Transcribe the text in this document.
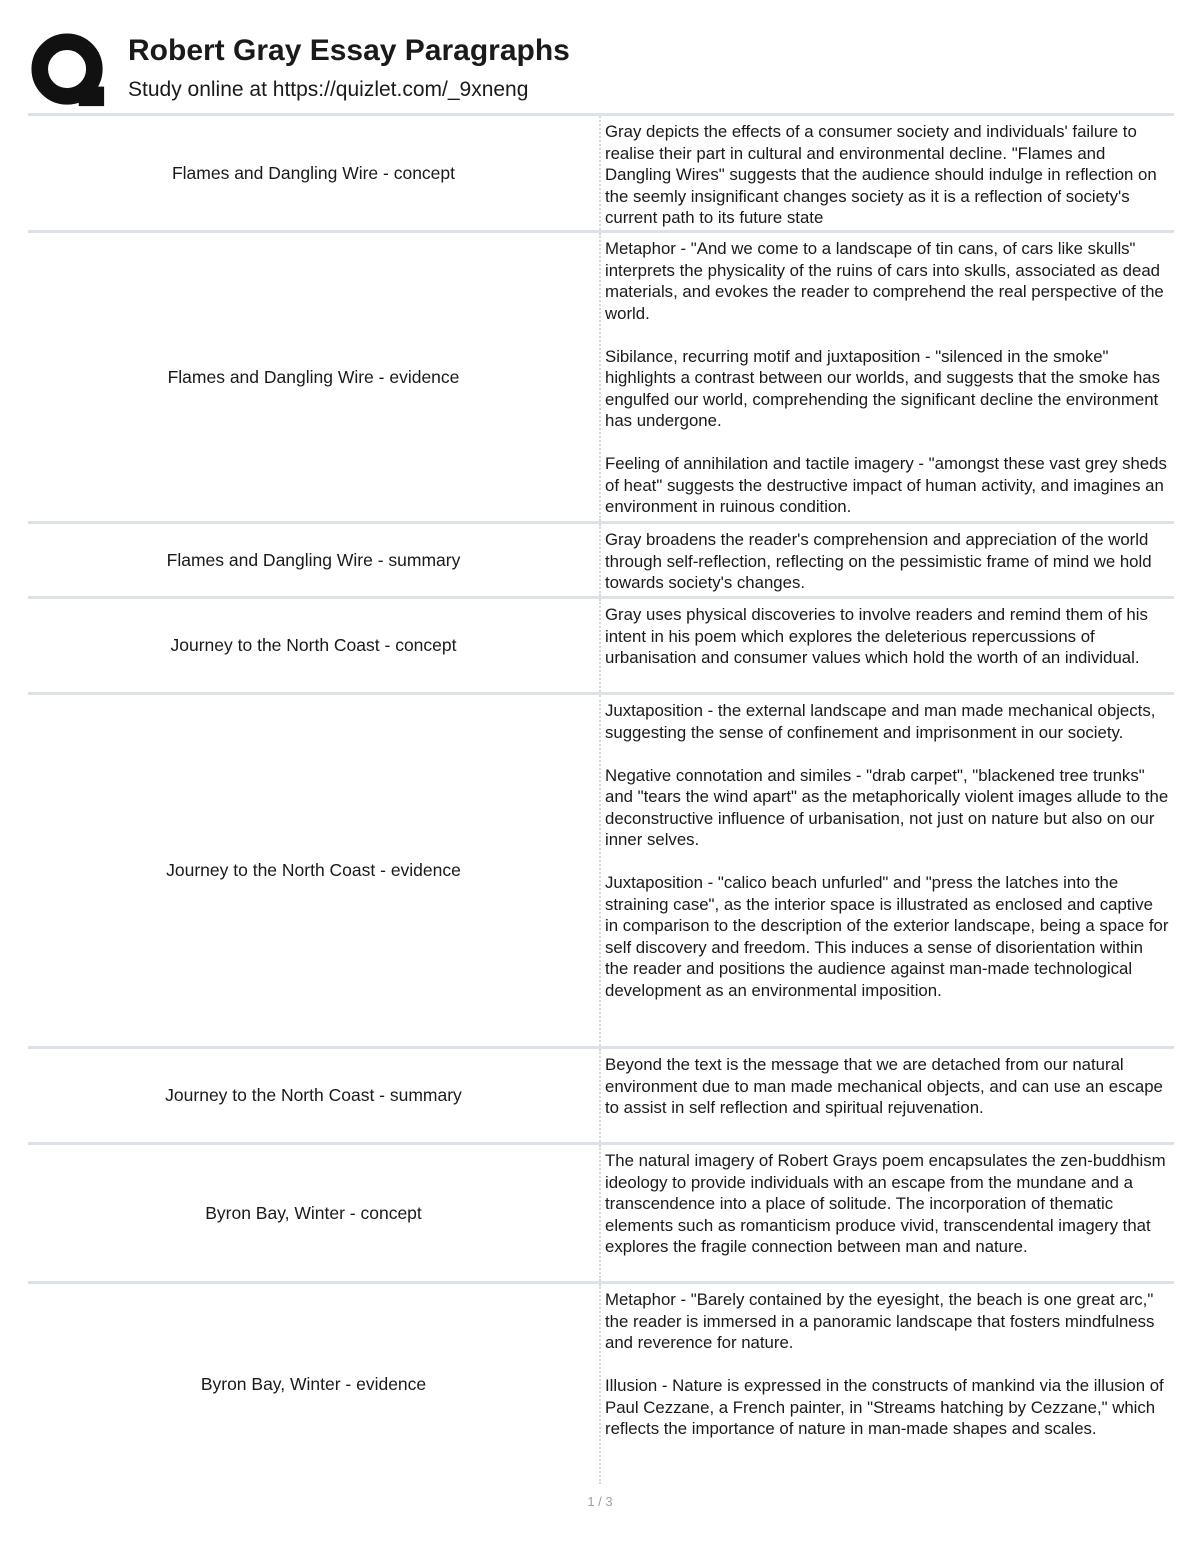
Robert Gray Essay Paragraphs
Study online at https://quizlet.com/_9xneng
Flames and Dangling Wire - concept
Gray depicts the effects of a consumer society and individuals' failure to realise their part in cultural and environmental decline. "Flames and Dangling Wires" suggests that the audience should indulge in reflection on the seemly insignificant changes society as it is a reflection of society's current path to its future state
Flames and Dangling Wire - evidence
Metaphor - "And we come to a landscape of tin cans, of cars like skulls" interprets the physicality of the ruins of cars into skulls, associated as dead materials, and evokes the reader to comprehend the real perspective of the world.

Sibilance, recurring motif and juxtaposition - "silenced in the smoke" highlights a contrast between our worlds, and suggests that the smoke has engulfed our world, comprehending the significant decline the environment has undergone.

Feeling of annihilation and tactile imagery - "amongst these vast grey sheds of heat" suggests the destructive impact of human activity, and imagines an environment in ruinous condition.
Flames and Dangling Wire - summary
Gray broadens the reader's comprehension and appreciation of the world through self-reflection, reflecting on the pessimistic frame of mind we hold towards society's changes.
Journey to the North Coast - concept
Gray uses physical discoveries to involve readers and remind them of his intent in his poem which explores the deleterious repercussions of urbanisation and consumer values which hold the worth of an individual.
Journey to the North Coast - evidence
Juxtaposition - the external landscape and man made mechanical objects, suggesting the sense of confinement and imprisonment in our society.

Negative connotation and similes - "drab carpet", "blackened tree trunks" and "tears the wind apart" as the metaphorically violent images allude to the deconstructive influence of urbanisation, not just on nature but also on our inner selves.

Juxtaposition - "calico beach unfurled" and "press the latches into the straining case", as the interior space is illustrated as enclosed and captive in comparison to the description of the exterior landscape, being a space for self discovery and freedom. This induces a sense of disorientation within the reader and positions the audience against man-made technological development as an environmental imposition.
Journey to the North Coast - summary
Beyond the text is the message that we are detached from our natural environment due to man made mechanical objects, and can use an escape to assist in self reflection and spiritual rejuvenation.
Byron Bay, Winter - concept
The natural imagery of Robert Grays poem encapsulates the zen-buddhism ideology to provide individuals with an escape from the mundane and a transcendence into a place of solitude. The incorporation of thematic elements such as romanticism produce vivid, transcendental imagery that explores the fragile connection between man and nature.
Byron Bay, Winter - evidence
Metaphor - "Barely contained by the eyesight, the beach is one great arc," the reader is immersed in a panoramic landscape that fosters mindfulness and reverence for nature.

Illusion - Nature is expressed in the constructs of mankind via the illusion of Paul Cezzane, a French painter, in "Streams hatching by Cezzane," which reflects the importance of nature in man-made shapes and scales.
1 / 3
